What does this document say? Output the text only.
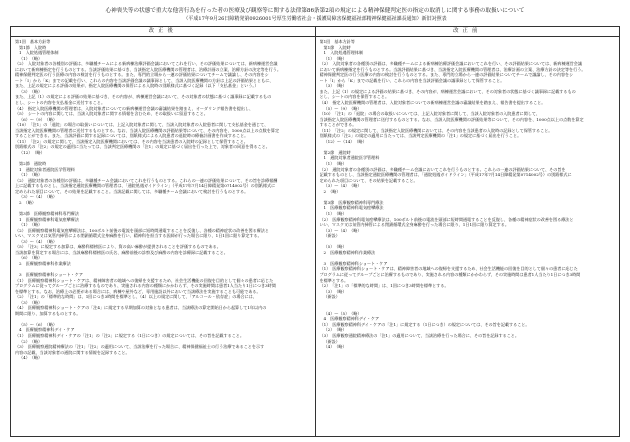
心神喪失等の状態で重大な他害行為を行った者の医療及び観察等に関する法律第86条第2項の規定による精神保健判定医の指定の取消しに関する事務の取扱いについて
（平成17年9月26日障精発第0926001号厚生労働省社会・援護局障害保健福祉部精神保健福祉課長通知）新旧対照表
改正後	改正前
第1回　基本方針等
第1節　入院時
1　入院処遇管理体制
（1）　（略）
（2）　入院対象者の各種別の評価は、多職種チームによる新病棟治療評価会議においてこれを行い、その評価結果については、新病棟運営会議
において新病棟指定を行うものとする。当該評価結果に基づき、当該指定入院医療機関の管理者は、治療計画の立案、治療方針の決定等を行う。
精神保健判定医の行う医療の内容の検討を行うものとする。また、専門的立場から一連の評価結果についてチームで議論し、その内容をシ
ート「I」から「K」までの記載を行い、これらの内容を当該評価会議の議事録として、当該入院医療機関の方針は上記の評価結果とともに、
また、上記の規定による評価の結果が、指定入院医療機関の保管による入院時の別紙様式に基づく記録（以下「支払基金」という。）
（3）　（略）
また、上記（1）の規定による評価の結果に基づき、その内容が、病棟運営会議において、その対象者の状態に基づく議事録に記載するもの
とし、シートの内容を支払基金に送付すること。
（4）　指定入院医療機関の管理者は、入院対象者についての新病棟運営会議の審議結果を踏まえ、オーダリング報告書を提出し、
（5）　シートの内容に関しては、当該入院対象者に関する情報を含むため、その取扱いに留意すること。
（6）〜（9）　（略）
（10）　「注1」の「退院」の場合の取扱いについては、上記入院対象者に関して、当該入院対象者の入院患者に関して支払基金を通じて、
当該指定入院医療機関の管理者に送付するものとする。なお、当該入院医療機関の評価結果等について、その内容を、1000点以上の点数を算定
することができる。また、当該評価に関する記録については、別紙様式による入院患者の退院時の療養計画書を作成すること。
（11）　「注2」の規定に関して、当該指定入院医療機関においては、その内容を当該患者の入院時の記録として保管すること。
別紙様式の「注2」の規定の適用に当たっては、当該判定医療機関の「注1」の規定に基づく届出を行った上で、対象者の同意を得ること。
（12）　（略）
第2節　通院時
1　通院対象者通院医学管理料
（1）　（略）
（2）　通院対象者の各種別の評価は、多職種チーム会議においてこれを行うものとする。これらの一連の評価結果について、その旨を診療報酬
上に記載するものとし、当該指定通院医療機関の管理者は、「通院処遇ガイドライン」（平成17年7月14日障精発第0714002号）の別紙様式に
定められた項目について、その結果を記載すること。当該記載に関しては、多職種チーム会議において検討を行うものとする。
（3）〜（4）　（略）
2　（略）
第3節　医療観察精神科専門療法
1　医療観察精神科電気痙攣療法
（1）　（略）
（2）　医療観察精神科電気痙攣療法は、100ボルト前後の電流を頭部に短時間通電することを反復し、各種の精神症状の改善を図る療法と
いい、マスク又は気管内挿管による閉鎖循環式全身麻酔を行い、精神科を担当する医師が行った場合に限り、1日1回に限り算定する。
（3）〜（4）　（略）
（5）　「注3」に規定する加算は、麻酔科標榜医により、質の高い麻酔が提供されることを評価するものである。
当該加算を算定する場合には、当該麻酔科標榜医の氏名、麻酔前後の診察及び麻酔の内容を診療録に記載すること。
（6）　（略）
2　医療観察精神科作業療法
3　医療観察精神科ショート・ケア
（1）　医療観察精神科ショート・ケアは、精神障害者の地域への復帰を支援するため、社会生活機能の回復を目的として個々の患者に応じた
プログラムに従ってグループごとに治療するものであり、実施される内容の種類にかかわらず、その実施時間は患者1人当たり1日につき3時間
を標準とする。なお、治療上の必要がある場合には、病棟や屋外など、専用施設以外において当該療法を実施することも可能である。
（2）　「注1」の「標準的な時間」は、1回につき3時間を標準とし、（4）以上の規定に関して、「アルコール・依存症」の場合には、
（3）　（略）
（4）　医療観察精神科ショート・ケアの「注4」に規定する早期加算の対象となる患者は、当該療法の算定開始日から起算して1年以内の
期間に限り、加算するものとする。
（5）〜（6）　（略）
4　医療観察精神科デイ・ケア
（1）　医療観察精神科デイ・ケアの「注1」の「注2」に規定する（1日につき）の規定については、その旨を記載すること。
（2）　（略）
（3）　医療観察通院精神療法の「注1」「注2」の適用について、当該治療を行った場合に、精神保健福祉士の行う治療であることを示す
内容の記載、当該対象者の通院に関する情報を記録すること。
（4）　（略）
第1回　基本方針等
第1節　入院時
1　入院処遇管理体制
（1）　（略）
（2）　入院対象者の各種別の評価は、多職種チームによる新病棟治療評価会議においてこれを行い、その評価結果については、新病棟運営会議
において新病棟指定を行うものとする。当該評価結果に基づき、当該指定入院医療機関の管理者は、治療計画の立案、治療方針の決定等を行う。
精神保健判定医の行う医療の内容の検討を行うものとする。また、専門的立場から一連の評価結果についてチームで議論し、その内容をシ
ート「I」から「K」までの記載を行い、これらの内容を当該評価会議の議事録として保管すること。
（3）　（略）
また、上記（1）の規定による評価の結果に基づき、その内容が、病棟運営会議において、その対象者の状態に基づく議事録に記載するもの
とし、シートの内容を保管すること。
（4）　指定入院医療機関の管理者は、入院対象者についての新病棟運営会議の審議結果を踏まえ、報告書を提出すること。
（5）〜（9）　（略）
（10）　「注1」の「退院」の場合の取扱いについては、上記入院対象者に関して、当該入院対象者の入院患者に関して、
当該指定入院医療機関の管理者に送付するものとする。なお、当該入院医療機関の評価結果等について、その内容を、1000点以上の点数を算定
することができる。
（11）　「注2」の規定に関して、当該指定入院医療機関においては、その内容を当該患者の入院時の記録として保管すること。
別紙様式の「注2」の規定の適用に当たっては、当該判定医療機関の「注1」の規定に基づく届出を行うこと。
（12）〜（14）　（略）
第2節　通院時
1　通院対象者通院医学管理料
（1）　（略）
（2）　通院対象者の各種別の評価は、多職種チーム会議においてこれを行うものとする。これらの一連の評価結果について、その旨を
記載するものとし、当該指定通院医療機関の管理者は、「通院処遇ガイドライン」（平成17年7月14日障精発第0714002号）の別紙様式に
定められた項目について、その結果を記載すること。
（3）〜（4）　（略）
2　（略）
第3節　医療観察精神科専門療法
1　医療観察精神科電気痙攣療法
（1）　（略）
（2）　医療観察精神科電気痙攣療法は、100ボルト前後の電流を頭部に短時間通電することを反復し、各種の精神症状の改善を図る療法と
いい、マスク又は気管内挿管による閉鎖循環式全身麻酔を行った場合に限り、1日1回に限り算定する。
（3）〜（4）　（略）
（新設）
（5）　（略）
2　医療観察精神科作業療法
3　医療観察精神科ショート・ケア
（1）　医療観察精神科ショート・ケアは、精神障害者の地域への復帰を支援するため、社会生活機能の回復を目的として個々の患者に応じた
プログラムに従ってグループごとに治療するものであり、実施される内容の種類にかかわらず、その実施時間は患者1人当たり1日につき3時間
を標準とする。
（2）　「注1」の「標準的な時間」は、1回につき3時間を標準とする。
（3）　（略）
（新設）
（4）〜（5）　（略）
4　医療観察精神科デイ・ケア
（1）　医療観察精神科デイ・ケアの「注1」に規定する（1日につき）の規定については、その旨を記載すること。
（2）　（略）
（3）　医療観察通院精神療法の「注1」の適用について、当該治療を行った場合に、その旨を記録すること。
（新設）
（4）　（略）
